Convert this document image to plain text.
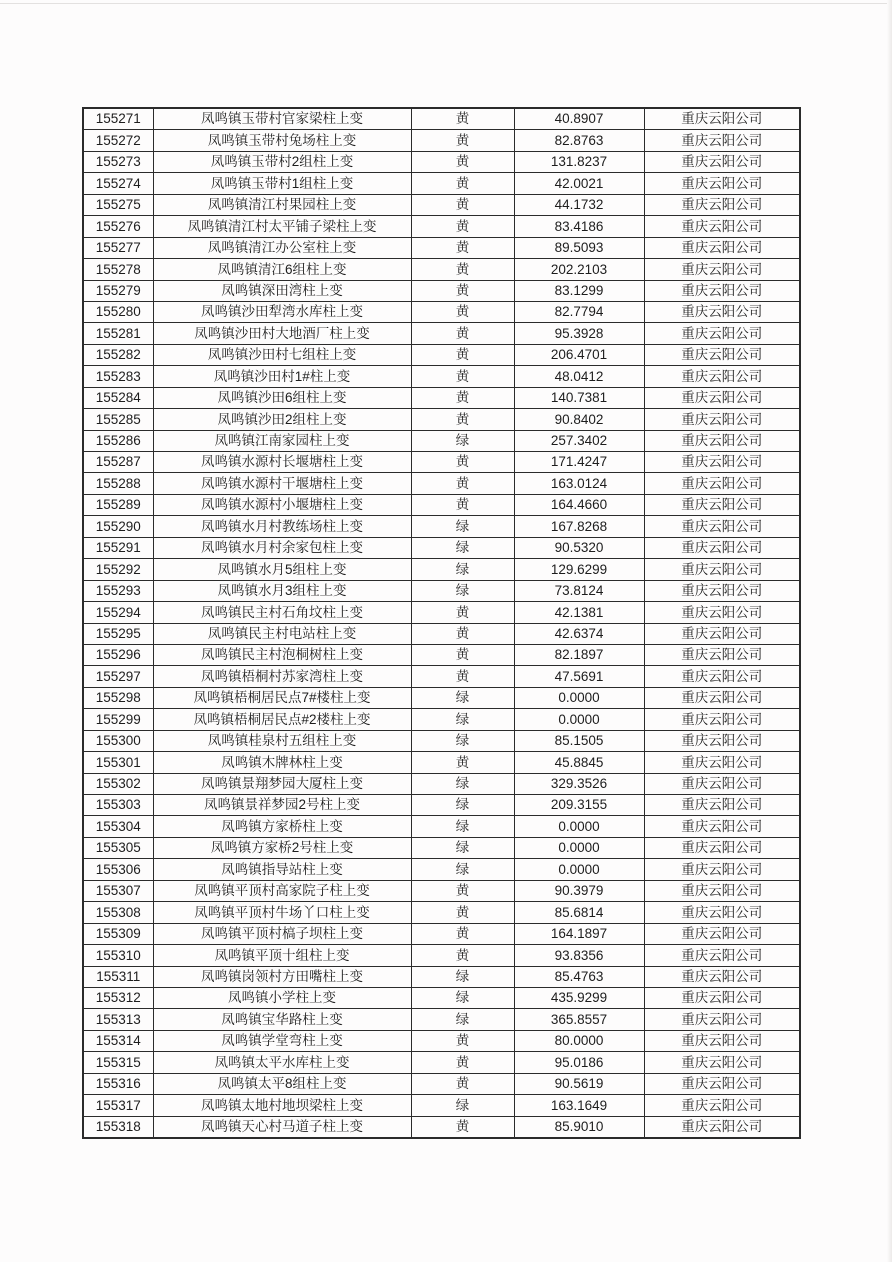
155271	凤鸣镇玉带村官家梁柱上变	黄	40.8907	重庆云阳公司
155272	凤鸣镇玉带村兔场柱上变	黄	82.8763	重庆云阳公司
155273	凤鸣镇玉带村2组柱上变	黄	131.8237	重庆云阳公司
155274	凤鸣镇玉带村1组柱上变	黄	42.0021	重庆云阳公司
155275	凤鸣镇清江村果园柱上变	黄	44.1732	重庆云阳公司
155276	凤鸣镇清江村太平铺子梁柱上变	黄	83.4186	重庆云阳公司
155277	凤鸣镇清江办公室柱上变	黄	89.5093	重庆云阳公司
155278	凤鸣镇清江6组柱上变	黄	202.2103	重庆云阳公司
155279	凤鸣镇深田湾柱上变	黄	83.1299	重庆云阳公司
155280	凤鸣镇沙田犁湾水库柱上变	黄	82.7794	重庆云阳公司
155281	凤鸣镇沙田村大地酒厂柱上变	黄	95.3928	重庆云阳公司
155282	凤鸣镇沙田村七组柱上变	黄	206.4701	重庆云阳公司
155283	凤鸣镇沙田村1#柱上变	黄	48.0412	重庆云阳公司
155284	凤鸣镇沙田6组柱上变	黄	140.7381	重庆云阳公司
155285	凤鸣镇沙田2组柱上变	黄	90.8402	重庆云阳公司
155286	凤鸣镇江南家园柱上变	绿	257.3402	重庆云阳公司
155287	凤鸣镇水源村长堰塘柱上变	黄	171.4247	重庆云阳公司
155288	凤鸣镇水源村干堰塘柱上变	黄	163.0124	重庆云阳公司
155289	凤鸣镇水源村小堰塘柱上变	黄	164.4660	重庆云阳公司
155290	凤鸣镇水月村教练场柱上变	绿	167.8268	重庆云阳公司
155291	凤鸣镇水月村余家包柱上变	绿	90.5320	重庆云阳公司
155292	凤鸣镇水月5组柱上变	绿	129.6299	重庆云阳公司
155293	凤鸣镇水月3组柱上变	绿	73.8124	重庆云阳公司
155294	凤鸣镇民主村石角坟柱上变	黄	42.1381	重庆云阳公司
155295	凤鸣镇民主村电站柱上变	黄	42.6374	重庆云阳公司
155296	凤鸣镇民主村泡桐树柱上变	黄	82.1897	重庆云阳公司
155297	凤鸣镇梧桐村苏家湾柱上变	黄	47.5691	重庆云阳公司
155298	凤鸣镇梧桐居民点7#楼柱上变	绿	0.0000	重庆云阳公司
155299	凤鸣镇梧桐居民点#2楼柱上变	绿	0.0000	重庆云阳公司
155300	凤鸣镇桂泉村五组柱上变	绿	85.1505	重庆云阳公司
155301	凤鸣镇木牌林柱上变	黄	45.8845	重庆云阳公司
155302	凤鸣镇景翔梦园大厦柱上变	绿	329.3526	重庆云阳公司
155303	凤鸣镇景祥梦园2号柱上变	绿	209.3155	重庆云阳公司
155304	凤鸣镇方家桥柱上变	绿	0.0000	重庆云阳公司
155305	凤鸣镇方家桥2号柱上变	绿	0.0000	重庆云阳公司
155306	凤鸣镇指导站柱上变	绿	0.0000	重庆云阳公司
155307	凤鸣镇平顶村高家院子柱上变	黄	90.3979	重庆云阳公司
155308	凤鸣镇平顶村牛场丫口柱上变	黄	85.6814	重庆云阳公司
155309	凤鸣镇平顶村槁子坝柱上变	黄	164.1897	重庆云阳公司
155310	凤鸣镇平顶十组柱上变	黄	93.8356	重庆云阳公司
155311	凤鸣镇岗领村方田嘴柱上变	绿	85.4763	重庆云阳公司
155312	凤鸣镇小学柱上变	绿	435.9299	重庆云阳公司
155313	凤鸣镇宝华路柱上变	绿	365.8557	重庆云阳公司
155314	凤鸣镇学堂弯柱上变	黄	80.0000	重庆云阳公司
155315	凤鸣镇太平水库柱上变	黄	95.0186	重庆云阳公司
155316	凤鸣镇太平8组柱上变	黄	90.5619	重庆云阳公司
155317	凤鸣镇太地村地坝梁柱上变	绿	163.1649	重庆云阳公司
155318	凤鸣镇天心村马道子柱上变	黄	85.9010	重庆云阳公司
